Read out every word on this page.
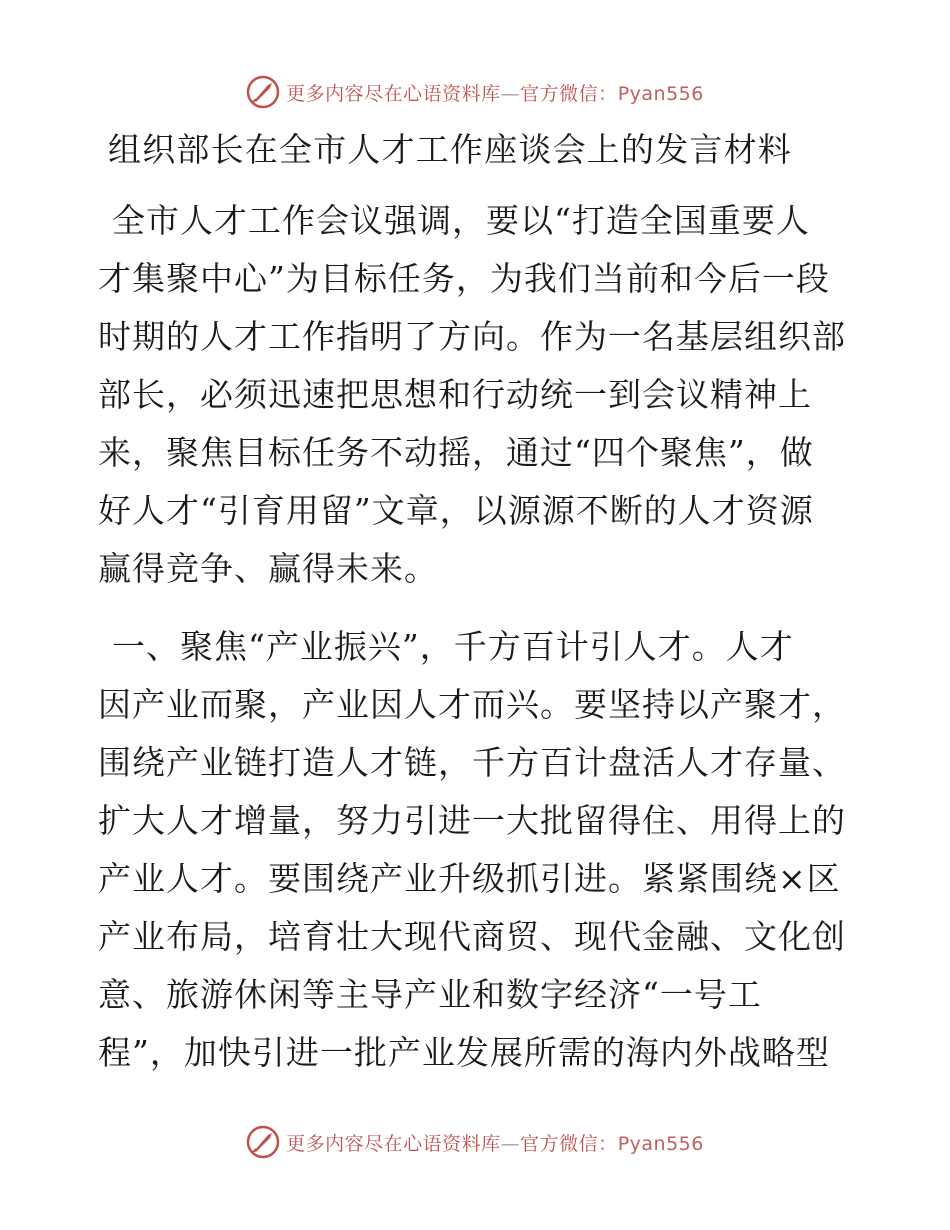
更多内容尽在心语资料库—官方微信：Pyan556
组织部长在全市人才工作座谈会上的发言材料
全市人才工作会议强调，要以“打造全国重要人
才集聚中心”为目标任务，为我们当前和今后一段
时期的人才工作指明了方向。作为一名基层组织部
部长，必须迅速把思想和行动统一到会议精神上
来，聚焦目标任务不动摇，通过“四个聚焦”，做
好人才“引育用留”文章，以源源不断的人才资源
赢得竞争、赢得未来。
一、聚焦“产业振兴”，千方百计引人才。人才
因产业而聚，产业因人才而兴。要坚持以产聚才，
围绕产业链打造人才链，千方百计盘活人才存量、
扩大人才增量，努力引进一大批留得住、用得上的
产业人才。要围绕产业升级抓引进。紧紧围绕×区
产业布局，培育壮大现代商贸、现代金融、文化创
意、旅游休闲等主导产业和数字经济“一号工
程”，加快引进一批产业发展所需的海内外战略型
更多内容尽在心语资料库—官方微信：Pyan556
